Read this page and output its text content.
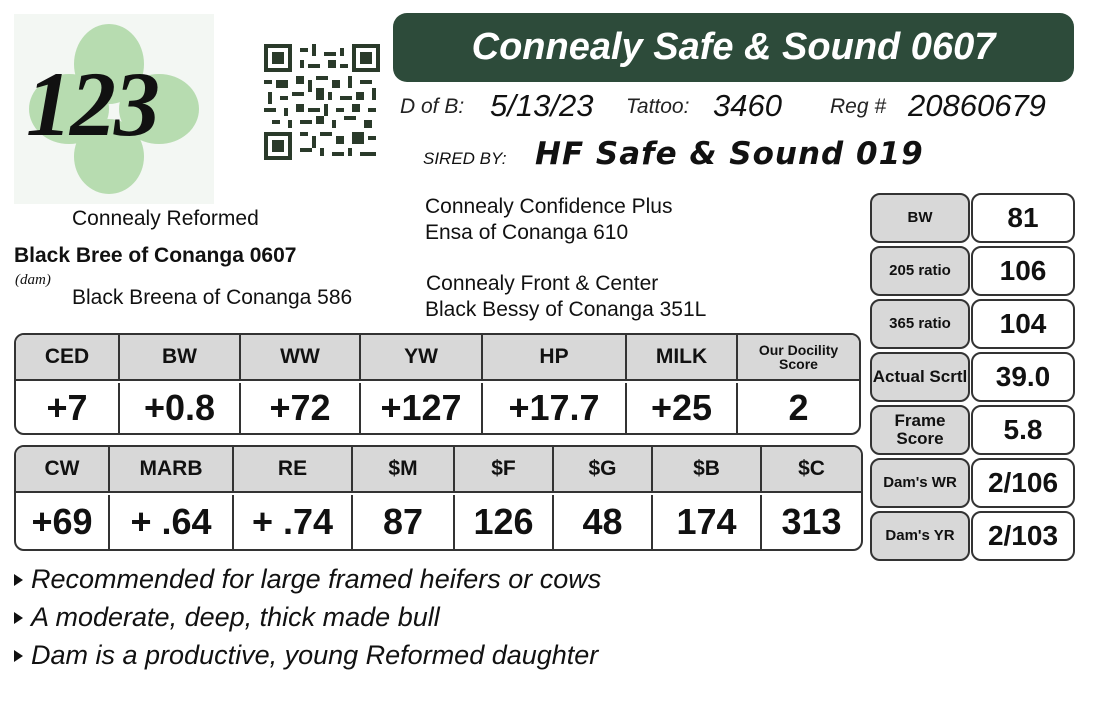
123
Connealy Safe & Sound 0607
D of B: 5/13/23 Tattoo: 3460 Reg # 20860679
SIRED BY: HF Safe & Sound 019
Connealy Reformed
Black Bree of Conanga 0607
(dam)
Black Breena of Conanga 586
Connealy Confidence Plus
Ensa of Conanga 610
Connealy Front & Center
Black Bessy of Conanga 351L
CED	BW	WW	YW	HP	MILK	Our Docility Score
+7	+0.8	+72	+127	+17.7	+25	2
CW	MARB	RE	$M	$F	$G	$B	$C
+69	+ .64	+ .74	87	126	48	174	313
BW	81
205 ratio	106
365 ratio	104
Actual Scrtl	39.0
Frame Score	5.8
Dam's WR	2/106
Dam's YR	2/103
Recommended for large framed heifers or cows
A moderate, deep, thick made bull
Dam is a productive, young Reformed daughter
